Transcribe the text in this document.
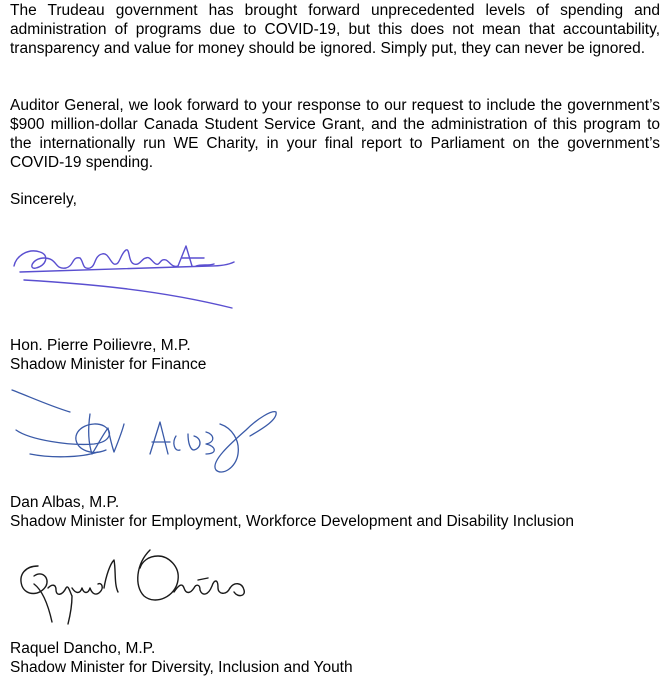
The Trudeau government has brought forward unprecedented levels of spending and administration of programs due to COVID-19, but this does not mean that accountability, transparency and value for money should be ignored. Simply put, they can never be ignored.

Auditor General, we look forward to your response to our request to include the government’s $900 million-dollar Canada Student Service Grant, and the administration of this program to the internationally run WE Charity, in your final report to Parliament on the government’s COVID-19 spending.

Sincerely,

Hon. Pierre Poilievre, M.P.

Shadow Minister for Finance

Dan Albas, M.P.

Shadow Minister for Employment, Workforce Development and Disability Inclusion

Raquel Dancho, M.P.

Shadow Minister for Diversity, Inclusion and Youth
